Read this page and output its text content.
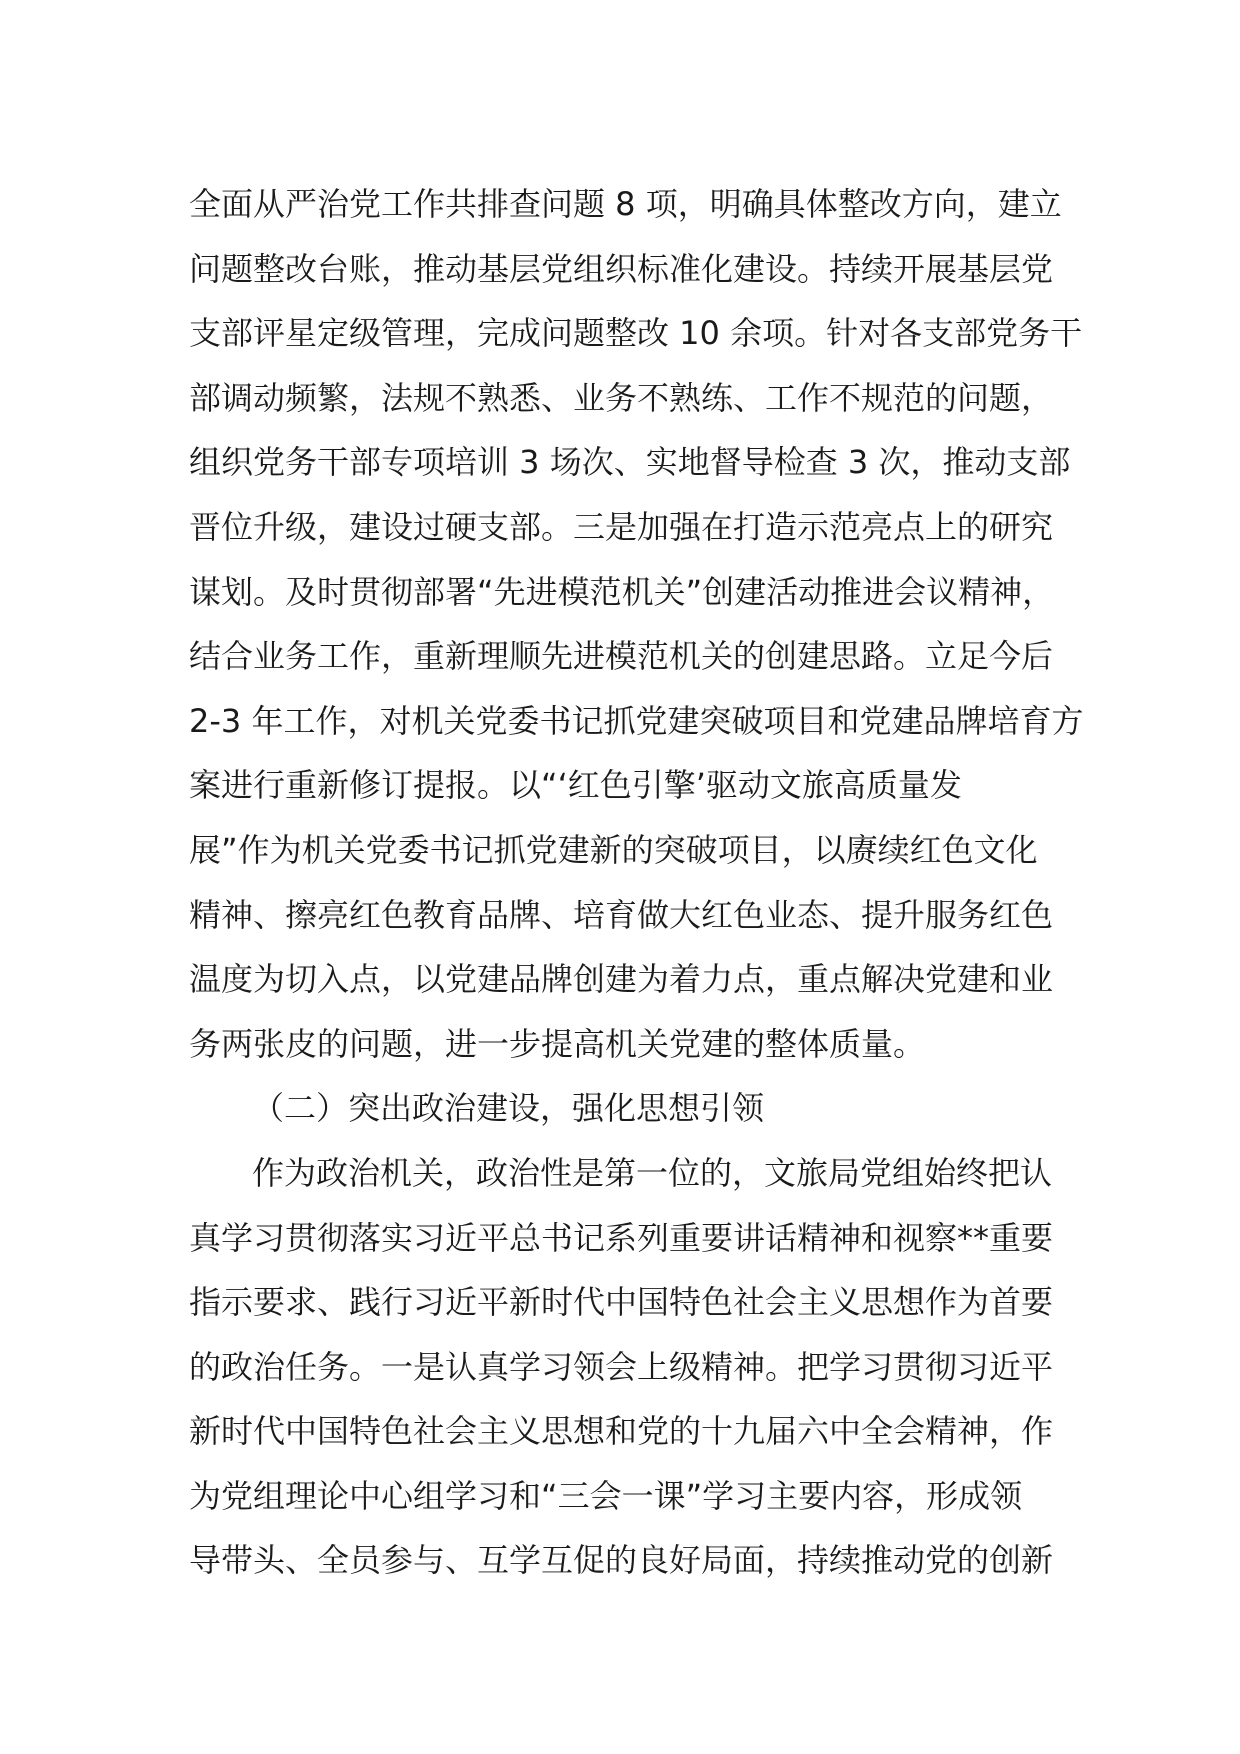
全面从严治党工作共排查问题 8 项，明确具体整改方向，建立
问题整改台账，推动基层党组织标准化建设。持续开展基层党
支部评星定级管理，完成问题整改 10 余项。针对各支部党务干
部调动频繁，法规不熟悉、业务不熟练、工作不规范的问题，
组织党务干部专项培训 3 场次、实地督导检查 3 次，推动支部
晋位升级，建设过硬支部。三是加强在打造示范亮点上的研究
谋划。及时贯彻部署“先进模范机关”创建活动推进会议精神，
结合业务工作，重新理顺先进模范机关的创建思路。立足今后
2-3 年工作，对机关党委书记抓党建突破项目和党建品牌培育方
案进行重新修订提报。以“‘红色引擎’驱动文旅高质量发
展”作为机关党委书记抓党建新的突破项目，以赓续红色文化
精神、擦亮红色教育品牌、培育做大红色业态、提升服务红色
温度为切入点，以党建品牌创建为着力点，重点解决党建和业
务两张皮的问题，进一步提高机关党建的整体质量。
（二）突出政治建设，强化思想引领
作为政治机关，政治性是第一位的，文旅局党组始终把认
真学习贯彻落实习近平总书记系列重要讲话精神和视察**重要
指示要求、践行习近平新时代中国特色社会主义思想作为首要
的政治任务。一是认真学习领会上级精神。把学习贯彻习近平
新时代中国特色社会主义思想和党的十九届六中全会精神，作
为党组理论中心组学习和“三会一课”学习主要内容，形成领
导带头、全员参与、互学互促的良好局面，持续推动党的创新
